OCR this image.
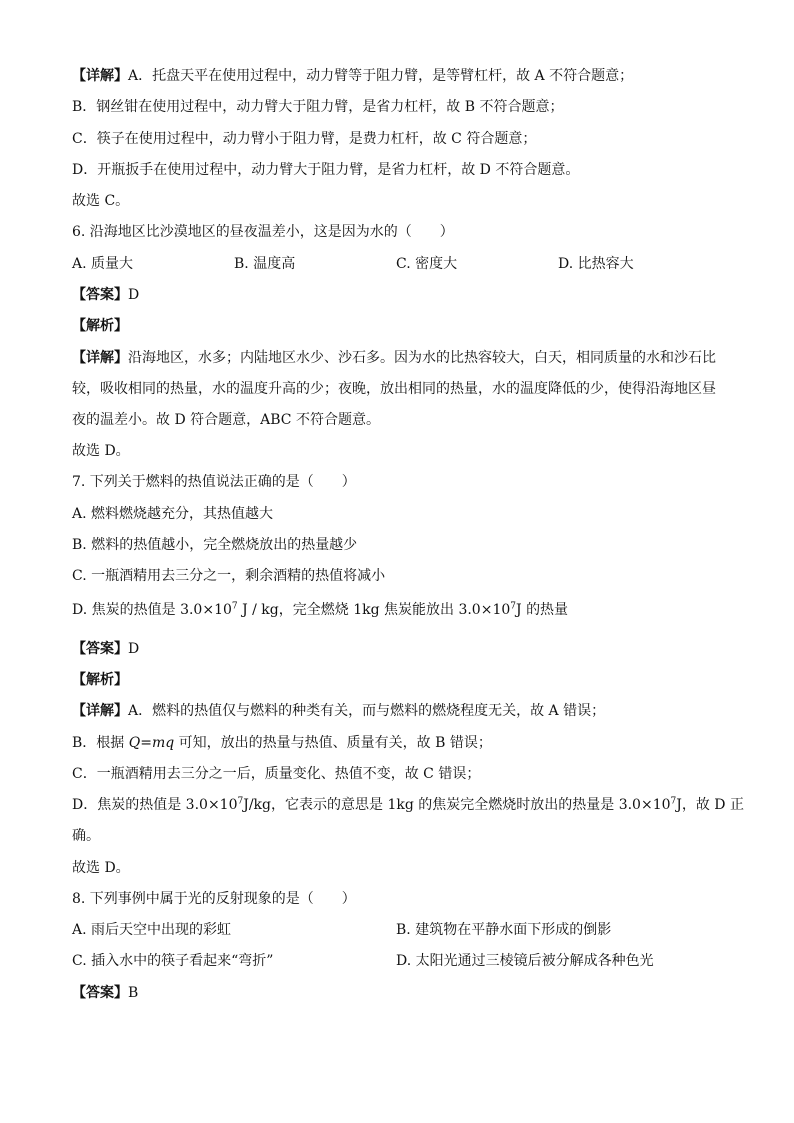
【详解】A．托盘天平在使用过程中，动力臂等于阻力臂，是等臂杠杆，故 A 不符合题意；
B．钢丝钳在使用过程中，动力臂大于阻力臂，是省力杠杆，故 B 不符合题意；
C．筷子在使用过程中，动力臂小于阻力臂，是费力杠杆，故 C 符合题意；
D．开瓶扳手在使用过程中，动力臂大于阻力臂，是省力杠杆，故 D 不符合题意。
故选 C。
6. 沿海地区比沙漠地区的昼夜温差小，这是因为水的（　　）
A. 质量大	B. 温度高	C. 密度大	D. 比热容大
【答案】D
【解析】
【详解】沿海地区，水多；内陆地区水少、沙石多。因为水的比热容较大，白天，相同质量的水和沙石比
较，吸收相同的热量，水的温度升高的少；夜晚，放出相同的热量，水的温度降低的少，使得沿海地区昼
夜的温差小。故 D 符合题意，ABC 不符合题意。
故选 D。
7. 下列关于燃料的热值说法正确的是（　　）
A. 燃料燃烧越充分，其热值越大
B. 燃料的热值越小，完全燃烧放出的热量越少
C. 一瓶酒精用去三分之一，剩余酒精的热值将减小
D. 焦炭的热值是 $3.0\times 10^7$ J / kg，完全燃烧 1kg 焦炭能放出 $3.0\times 10^7J$ 的热量
【答案】D
【解析】
【详解】A．燃料的热值仅与燃料的种类有关，而与燃料的燃烧程度无关，故 A 错误；
B．根据 Q=mq 可知，放出的热量与热值、质量有关，故 B 错误；
C．一瓶酒精用去三分之一后，质量变化、热值不变，故 C 错误；
D．焦炭的热值是 $3.0\times 10^7J/kg$，它表示的意思是 1kg 的焦炭完全燃烧时放出的热量是 $3.0\times 10^7J$，故 D 正
确。
故选 D。
8. 下列事例中属于光的反射现象的是（　　）
A. 雨后天空中出现的彩虹	B. 建筑物在平静水面下形成的倒影
C. 插入水中的筷子看起来“弯折”	D. 太阳光通过三棱镜后被分解成各种色光
【答案】B
